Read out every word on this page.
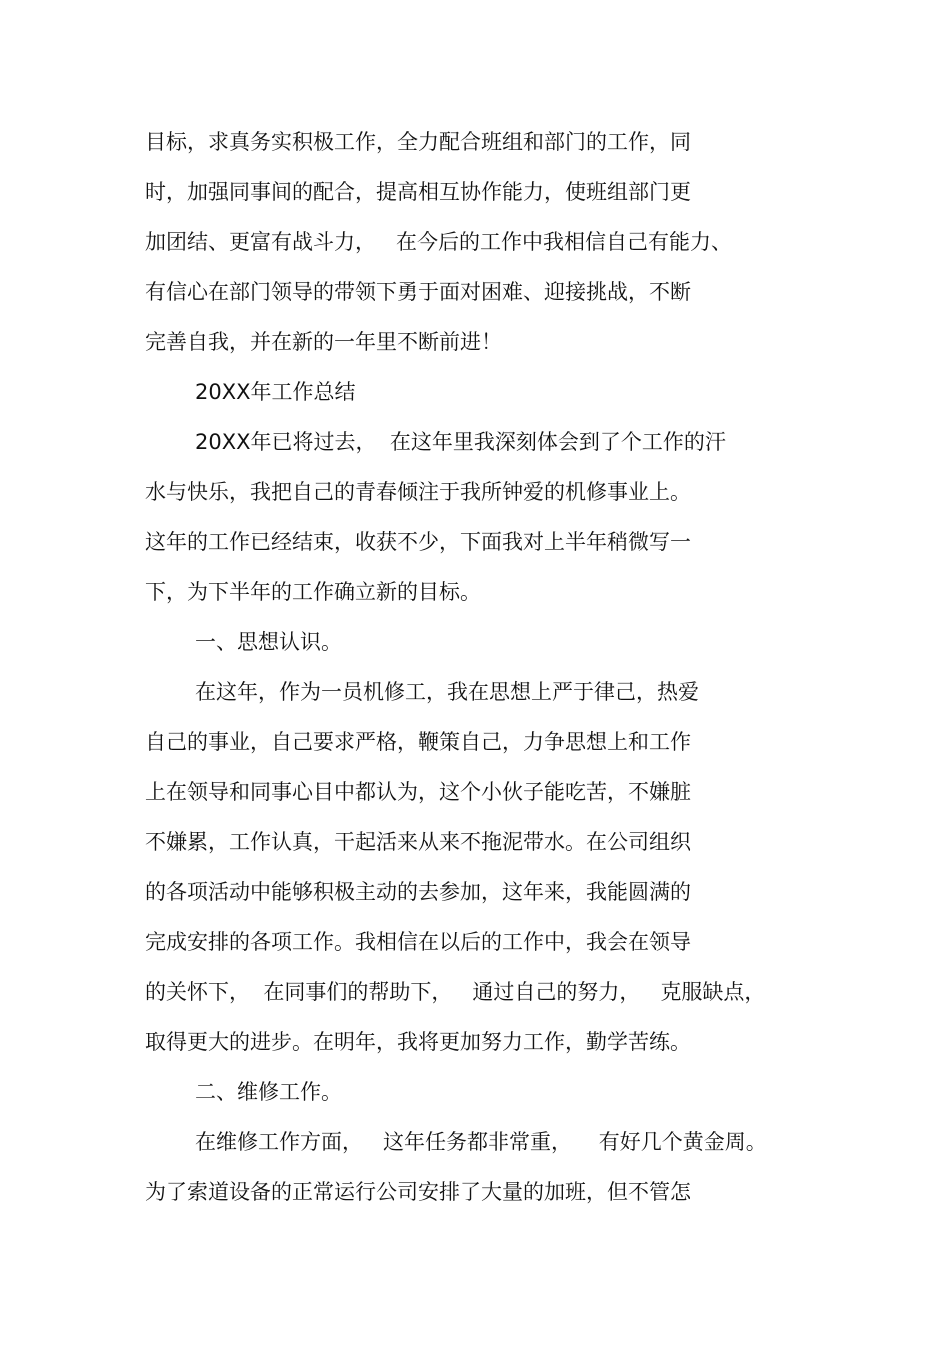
目标，求真务实积极工作，全力配合班组和部门的工作，同
时，加强同事间的配合，提高相互协作能力，使班组部门更
加团结、更富有战斗力，   在今后的工作中我相信自己有能力、
有信心在部门领导的带领下勇于面对困难、迎接挑战，不断
完善自我，并在新的一年里不断前进！
20XX年工作总结
20XX年已将过去，  在这年里我深刻体会到了个工作的汗
水与快乐，我把自己的青春倾注于我所钟爱的机修事业上。
这年的工作已经结束，收获不少，下面我对上半年稍微写一
下，为下半年的工作确立新的目标。
一、思想认识。
在这年，作为一员机修工，我在思想上严于律己，热爱
自己的事业，自己要求严格，鞭策自己，力争思想上和工作
上在领导和同事心目中都认为，这个小伙子能吃苦，不嫌脏
不嫌累，工作认真，干起活来从来不拖泥带水。在公司组织
的各项活动中能够积极主动的去参加，这年来，我能圆满的
完成安排的各项工作。我相信在以后的工作中，我会在领导
的关怀下，  在同事们的帮助下，   通过自己的努力，   克服缺点，
取得更大的进步。在明年，我将更加努力工作，勤学苦练。
二、维修工作。
在维修工作方面，   这年任务都非常重，    有好几个黄金周。
为了索道设备的正常运行公司安排了大量的加班，但不管怎
